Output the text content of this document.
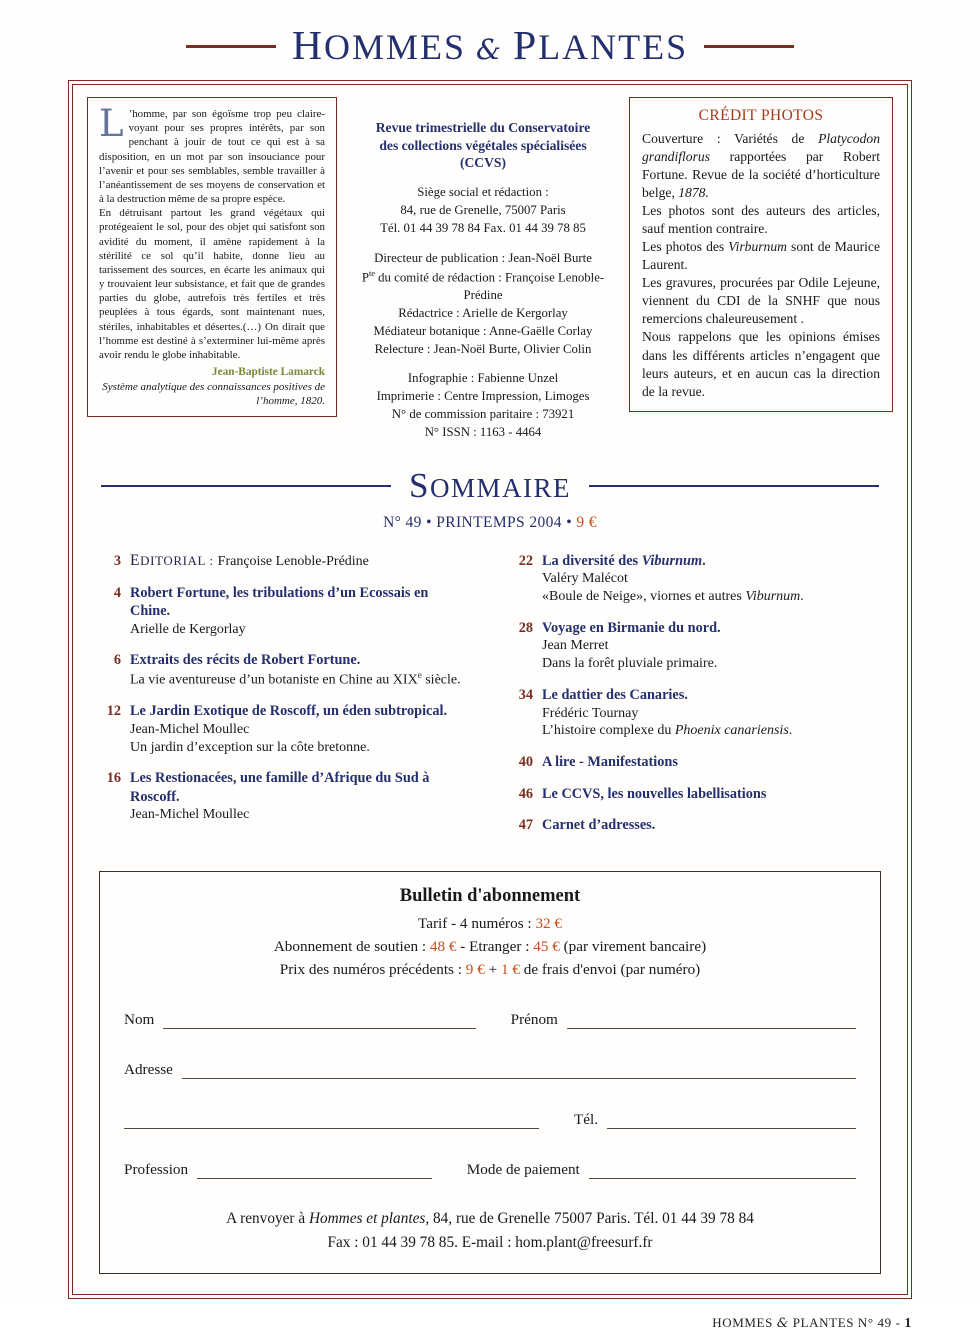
HOMMES & PLANTES

L ’homme, par son égoïsme trop peu claire-voyant pour ses propres intérêts, par son penchant à jouir de tout ce qui est à sa disposition, en un mot par son insouciance pour l’avenir et pour ses semblables, semble travailler à l’anéantissement de ses moyens de conservation et à la destruction même de sa propre espèce.

En détruisant partout les grand végétaux qui protégeaient le sol, pour des objet qui satisfont son avidité du moment, il amène rapidement à la stérilité ce sol qu’il habite, donne lieu au tarissement des sources, en écarte les animaux qui y trouvaient leur subsistance, et fait que de grandes parties du globe, autrefois très fertiles et très peuplées à tous égards, sont maintenant nues, stériles, inhabitables et désertes.(…) On dirait que l’homme est destiné à s’exterminer lui-même après avoir rendu le globe inhabitable.

Jean-Baptiste Lamarck
Système analytique des connaissances positives de l’homme, 1820.
Revue trimestrielle du Conservatoire
des collections végétales spécialisées
(CCVS)
Siège social et rédaction :
84, rue de Grenelle, 75007 Paris
Tél. 01 44 39 78 84 Fax. 01 44 39 78 85
Directeur de publication : Jean-Noël Burte
$P^{te}$ du comité de rédaction : Françoise Lenoble-Prédine
Rédactrice : Arielle de Kergorlay
Médiateur botanique : Anne-Gaëlle Corlay
Relecture : Jean-Noël Burte, Olivier Colin
Infographie : Fabienne Unzel
Imprimerie : Centre Impression, Limoges
N° de commission paritaire : 73921
N° ISSN : 1163 - 4464
CRÉDIT PHOTOS

Couverture : Variétés de Platycodon grandiflorus rapportées par Robert Fortune. Revue de la société d’horticulture belge, 1878.

Les photos sont des auteurs des articles, sauf mention contraire.

Les photos des Virburnum sont de Maurice Laurent.

Les gravures, procurées par Odile Lejeune, viennent du CDI de la SNHF que nous remercions chaleureusement .

Nous rappelons que les opinions émises dans les différents articles n’engagent que leurs auteurs, et en aucun cas la direction de la revue.

SOMMAIRE
N° 49 • PRINTEMPS 2004 • 9 €
3 EDITORIAL : Françoise Lenoble-Prédine
4 Robert Fortune, les tribulations d’un Ecossais en Chine.
Arielle de Kergorlay
6 Extraits des récits de Robert Fortune.
La vie aventureuse d’un botaniste en Chine au XIXe siècle.
12 Le Jardin Exotique de Roscoff, un éden subtropical.
Jean-Michel Moullec
Un jardin d’exception sur la côte bretonne.
16 Les Restionacées, une famille d’Afrique du Sud à Roscoff.
Jean-Michel Moullec
22 La diversité des Viburnum.
Valéry Malécot
«Boule de Neige», viornes et autres Viburnum.
28 Voyage en Birmanie du nord.
Jean Merret
Dans la forêt pluviale primaire.
34 Le dattier des Canaries.
Frédéric Tournay
L’histoire complexe du Phoenix canariensis.
40 A lire - Manifestations
46 Le CCVS, les nouvelles labellisations
47 Carnet d’adresses.
Bulletin d'abonnement
Tarif - 4 numéros : 32 €
Abonnement de soutien : 48 € - Etranger : 45 € (par virement bancaire)
Prix des numéros précédents : 9 € + 1 € de frais d'envoi (par numéro)
Nom	Prénom
Adresse
Tél.
Profession	Mode de paiement
A renvoyer à Hommes et plantes, 84, rue de Grenelle 75007 Paris. Tél. 01 44 39 78 84
Fax : 01 44 39 78 85. E-mail : hom.plant@freesurf.fr
HOMMES & PLANTES N° 49 - 1
